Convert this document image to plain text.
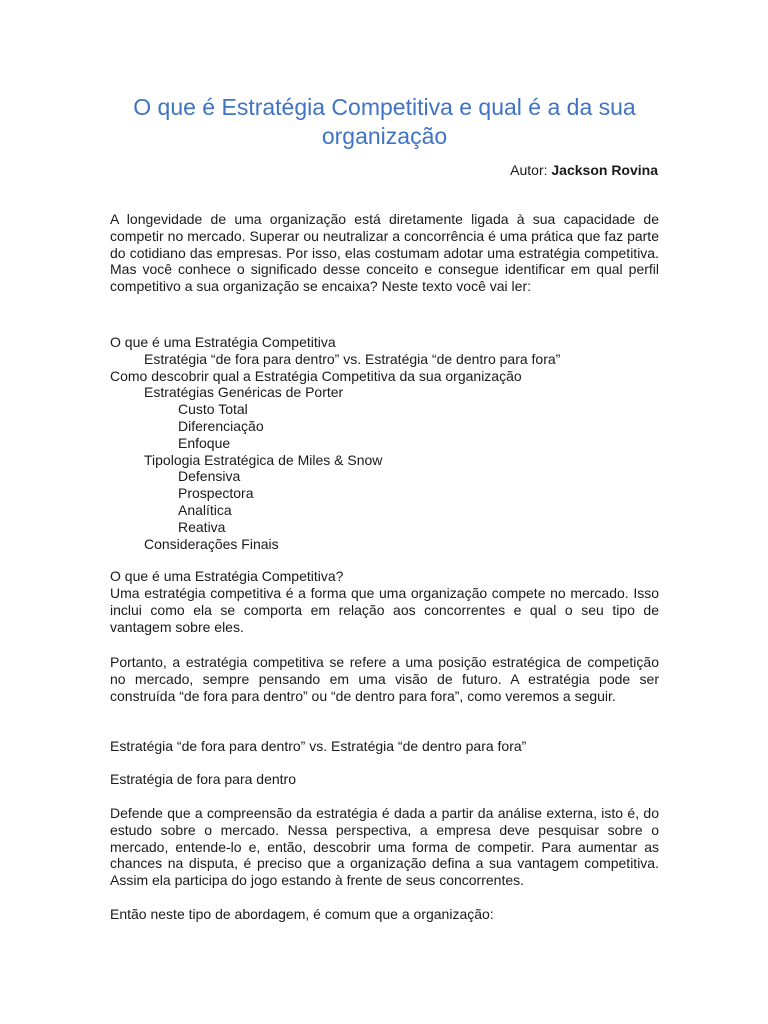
O que é Estratégia Competitiva e qual é a da sua organização
Autor: Jackson Rovina

A longevidade de uma organização está diretamente ligada à sua capacidade de competir no mercado. Superar ou neutralizar a concorrência é uma prática que faz parte do cotidiano das empresas. Por isso, elas costumam adotar uma estratégia competitiva. Mas você conhece o significado desse conceito e consegue identificar em qual perfil competitivo a sua organização se encaixa? Neste texto você vai ler:

O que é uma Estratégia Competitiva
Estratégia “de fora para dentro” vs. Estratégia “de dentro para fora”
Como descobrir qual a Estratégia Competitiva da sua organização
Estratégias Genéricas de Porter
Custo Total
Diferenciação
Enfoque
Tipologia Estratégica de Miles & Snow
Defensiva
Prospectora
Analítica
Reativa
Considerações Finais

O que é uma Estratégia Competitiva?

Uma estratégia competitiva é a forma que uma organização compete no mercado. Isso inclui como ela se comporta em relação aos concorrentes e qual o seu tipo de vantagem sobre eles.

Portanto, a estratégia competitiva se refere a uma posição estratégica de competição no mercado, sempre pensando em uma visão de futuro. A estratégia pode ser construída “de fora para dentro” ou “de dentro para fora”, como veremos a seguir.

Estratégia “de fora para dentro” vs. Estratégia “de dentro para fora”

Estratégia de fora para dentro

Defende que a compreensão da estratégia é dada a partir da análise externa, isto é, do estudo sobre o mercado. Nessa perspectiva, a empresa deve pesquisar sobre o mercado, entende-lo e, então, descobrir uma forma de competir. Para aumentar as chances na disputa, é preciso que a organização defina a sua vantagem competitiva. Assim ela participa do jogo estando à frente de seus concorrentes.

Então neste tipo de abordagem, é comum que a organização:
